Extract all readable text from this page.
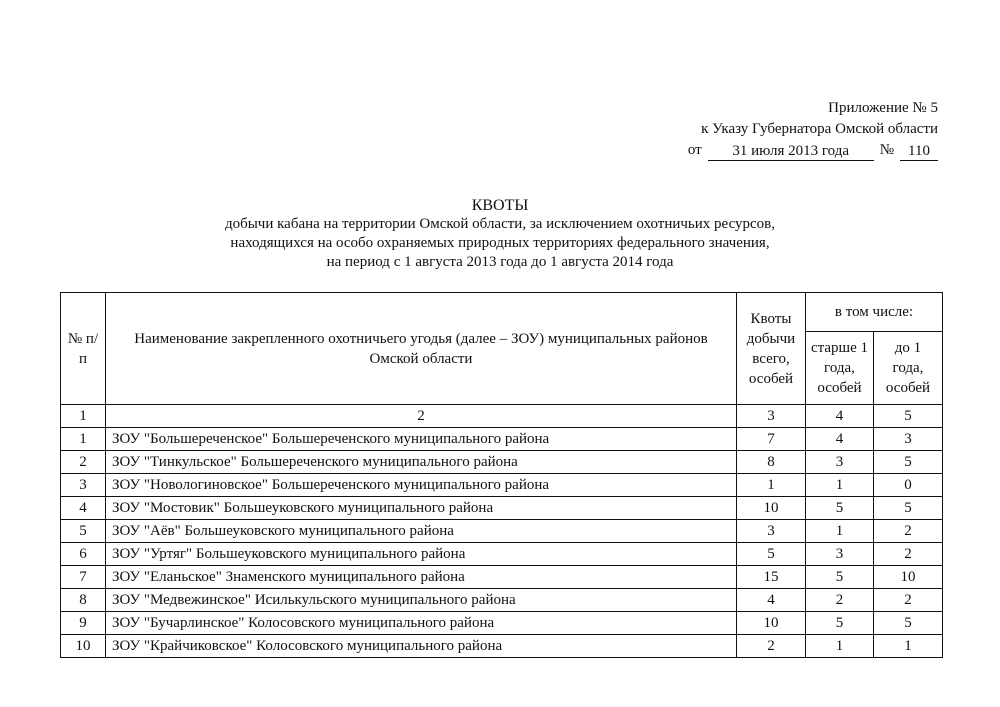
Приложение № 5
к Указу Губернатора Омской области
от	31 июля 2013 года	№ 110
КВОТЫ
добычи кабана на территории Омской области, за исключением охотничьих ресурсов,
находящихся на особо охраняемых природных территориях федерального значения,
на период с 1 августа 2013 года до 1 августа 2014 года
№ п/п	Наименование закрепленного охотничьего угодья (далее – ЗОУ) муниципальных районов Омской области	Квоты добычи всего, особей	в том числе:	
			старше 1 года, особей	до 1 года, особей
1	2	3	4	5
1	ЗОУ "Большереченское" Большереченского муниципального района	7	4	3
2	ЗОУ "Тинкульское" Большереченского муниципального района	8	3	5
3	ЗОУ "Новологиновское" Большереченского муниципального района	1	1	0
4	ЗОУ "Мостовик" Большеуковского муниципального района	10	5	5
5	ЗОУ "Аёв" Большеуковского муниципального района	3	1	2
6	ЗОУ "Уртяг" Большеуковского муниципального района	5	3	2
7	ЗОУ "Еланьское" Знаменского муниципального района	15	5	10
8	ЗОУ "Медвежинское" Исилькульского муниципального района	4	2	2
9	ЗОУ "Бучарлинское" Колосовского муниципального района	10	5	5
10	ЗОУ "Крайчиковское" Колосовского муниципального района	2	1	1
